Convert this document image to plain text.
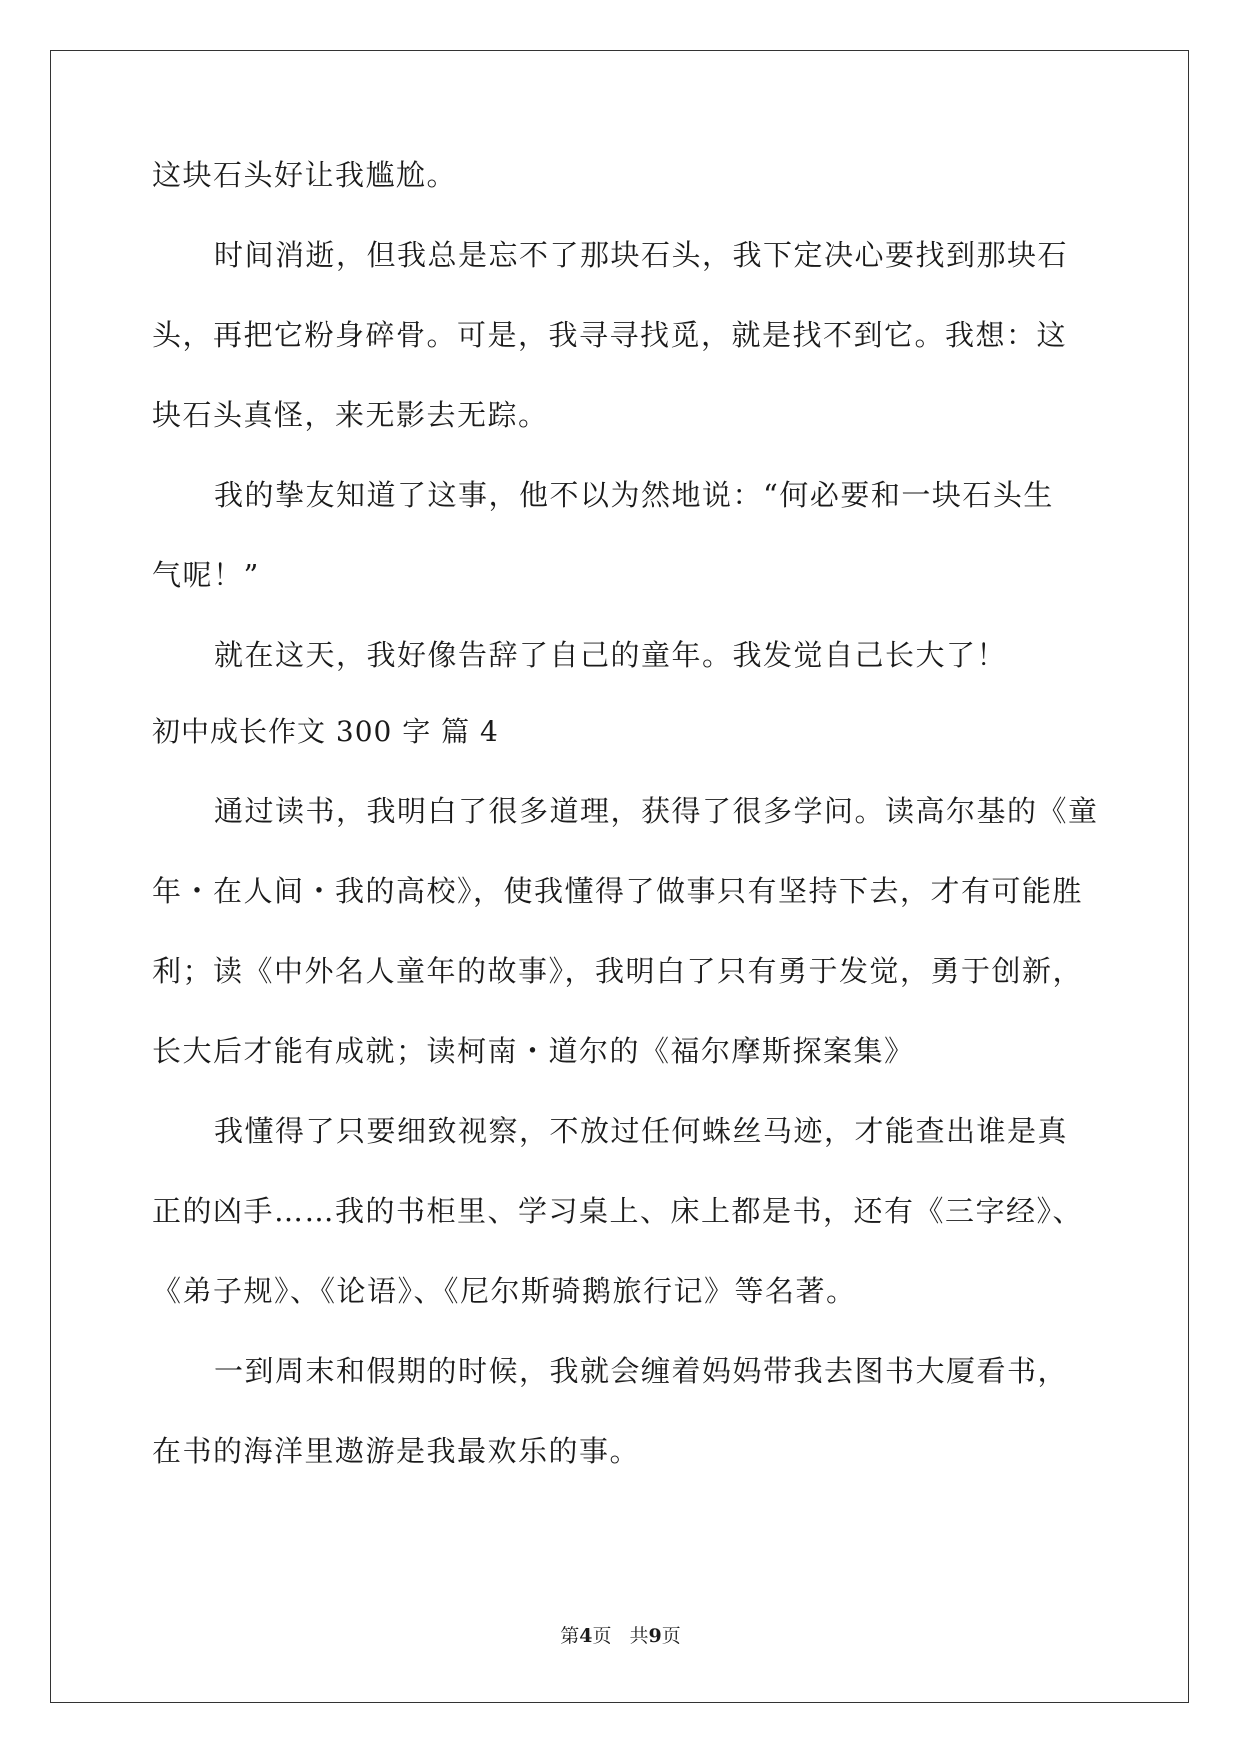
这块石头好让我尴尬。
时间消逝，但我总是忘不了那块石头，我下定决心要找到那块石
头，再把它粉身碎骨。可是，我寻寻找觅，就是找不到它。我想：这
块石头真怪，来无影去无踪。
我的挚友知道了这事，他不以为然地说：“何必要和一块石头生
气呢！”
就在这天，我好像告辞了自己的童年。我发觉自己长大了！
初中成长作文 300 字 篇 4
通过读书，我明白了很多道理，获得了很多学问。读高尔基的《童
年・在人间・我的高校》，使我懂得了做事只有坚持下去，才有可能胜
利；读《中外名人童年的故事》，我明白了只有勇于发觉，勇于创新，
长大后才能有成就；读柯南・道尔的《福尔摩斯探案集》
我懂得了只要细致视察，不放过任何蛛丝马迹，才能查出谁是真
正的凶手……我的书柜里、学习桌上、床上都是书，还有《三字经》、
《弟子规》、《论语》、《尼尔斯骑鹅旅行记》等名著。
一到周末和假期的时候，我就会缠着妈妈带我去图书大厦看书，
在书的海洋里遨游是我最欢乐的事。
第4页 共9页
